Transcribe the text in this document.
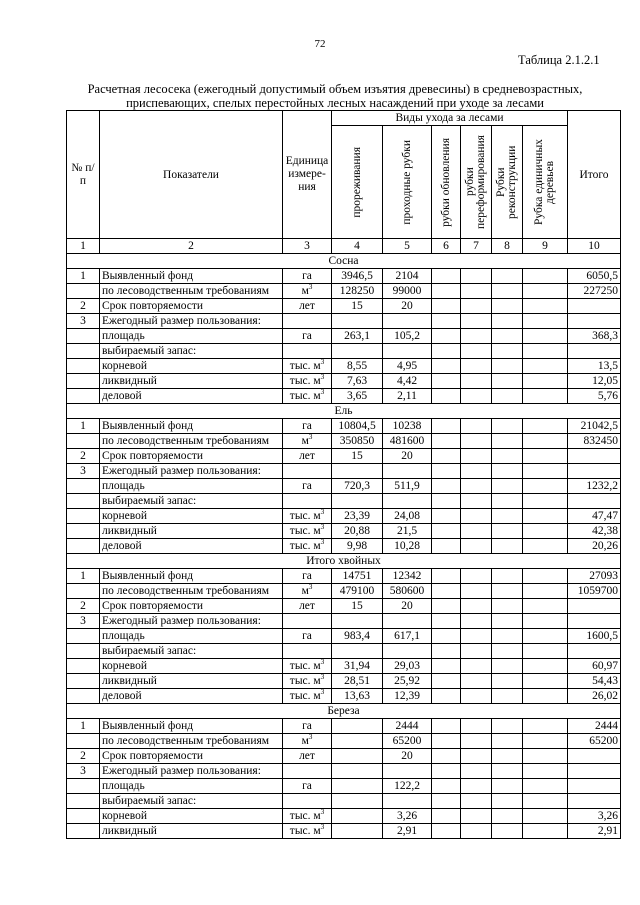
72
Таблица 2.1.2.1
Расчетная лесосека (ежегодный допустимый объем изъятия древесины) в средневозрастных, приспевающих, спелых перестойных лесных насаждений при уходе за лесами
№ п/п	Показатели	Единица измере-ния	Виды ухода за лесами						Итого

			прореживания	проходные рубки	рубки обновления	рубки переформирования	Рубки реконструкции	Рубка единичных деревьев	

1	2	3	4	5	6	7	8	9	10
Сосна									
1	Выявленный фонд	га	3946,5	2104					6050,5
	по лесоводственным требованиям	$м^3$	128250	99000					227250
2	Срок повторяемости	лет	15	20					
3	Ежегодный размер пользования:								
	площадь	га	263,1	105,2					368,3
	выбираемый запас:								
	корневой	тыс. $м^3$	8,55	4,95					13,5
	ликвидный	тыс. $м^3$	7,63	4,42					12,05
	деловой	тыс. $м^3$	3,65	2,11					5,76
Ель									
1	Выявленный фонд	га	10804,5	10238					21042,5
	по лесоводственным требованиям	$м^3$	350850	481600					832450
2	Срок повторяемости	лет	15	20					
3	Ежегодный размер пользования:								
	площадь	га	720,3	511,9					1232,2
	выбираемый запас:								
	корневой	тыс. $м^3$	23,39	24,08					47,47
	ликвидный	тыс. $м^3$	20,88	21,5					42,38
	деловой	тыс. $м^3$	9,98	10,28					20,26
Итого хвойных									
1	Выявленный фонд	га	14751	12342					27093
	по лесоводственным требованиям	$м^3$	479100	580600					1059700
2	Срок повторяемости	лет	15	20					
3	Ежегодный размер пользования:								
	площадь	га	983,4	617,1					1600,5
	выбираемый запас:								
	корневой	тыс. $м^3$	31,94	29,03					60,97
	ликвидный	тыс. $м^3$	28,51	25,92					54,43
	деловой	тыс. $м^3$	13,63	12,39					26,02
Береза									
1	Выявленный фонд	га		2444					2444
	по лесоводственным требованиям	$м^3$		65200					65200
2	Срок повторяемости	лет		20					
3	Ежегодный размер пользования:								
	площадь	га		122,2					
	выбираемый запас:								
	корневой	тыс. $м^3$		3,26					3,26
	ликвидный	тыс. $м^3$		2,91					2,91
